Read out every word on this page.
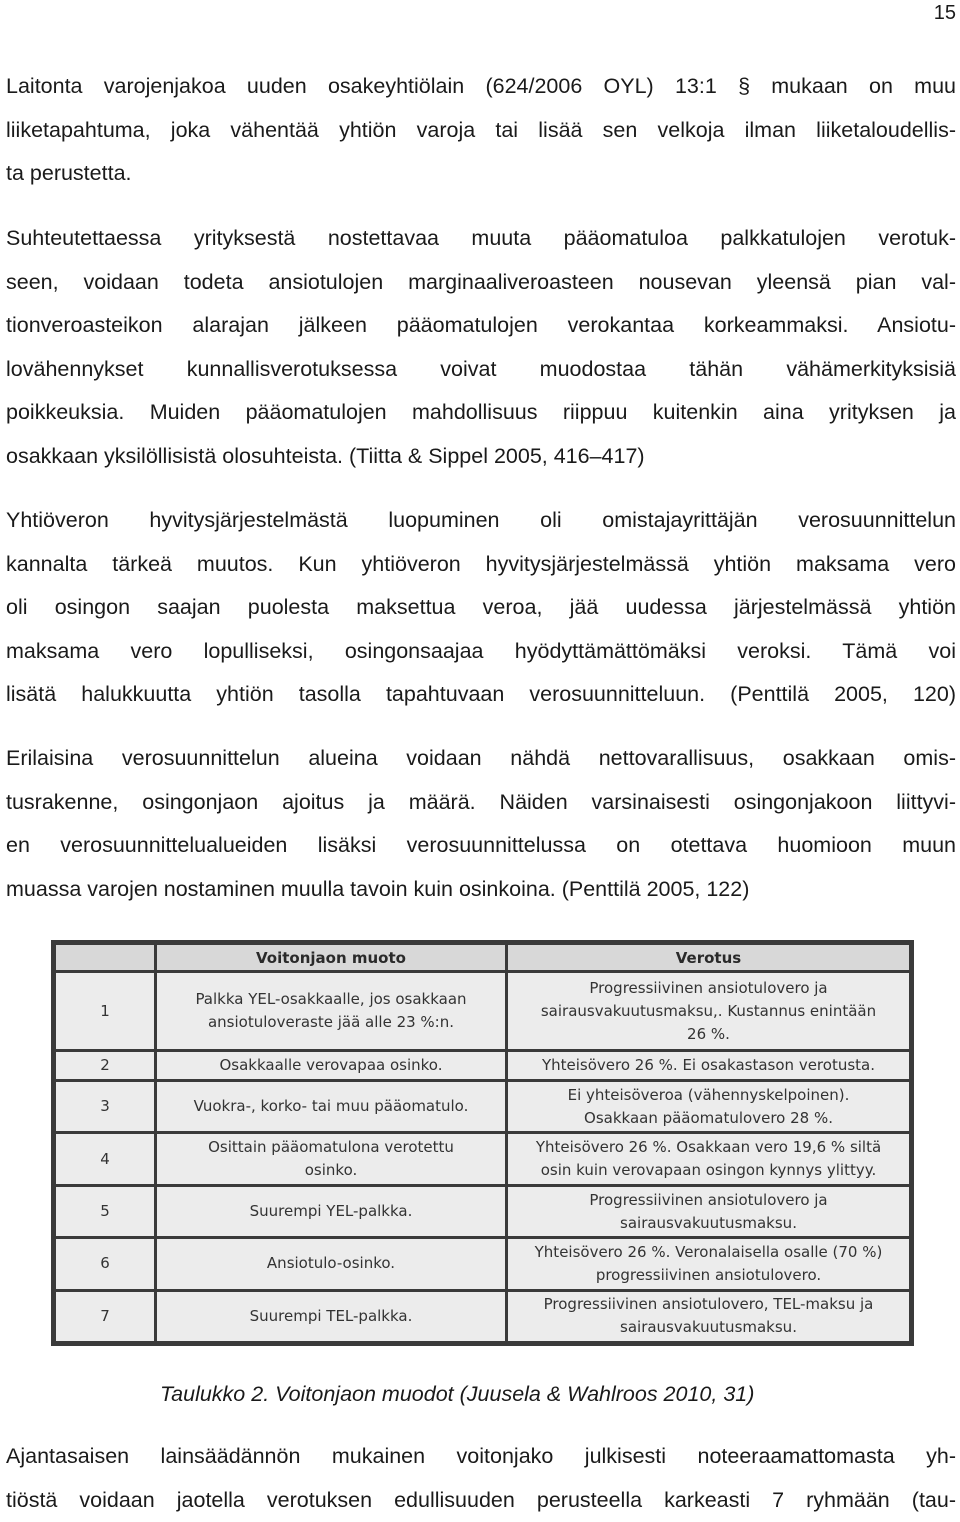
15

Laitonta varojenjakoa uuden osakeyhtiölain (624/2006 OYL) 13:1 § mukaan on muu
liiketapahtuma, joka vähentää yhtiön varoja tai lisää sen velkoja ilman liiketaloudellis-
ta perustetta.

Suhteutettaessa yrityksestä nostettavaa muuta pääomatuloa palkkatulojen verotuk-
seen, voidaan todeta ansiotulojen marginaaliveroasteen nousevan yleensä pian val-
tionveroasteikon alarajan jälkeen pääomatulojen verokantaa korkeammaksi. Ansiotu-
lovähennykset kunnallisverotuksessa voivat muodostaa tähän vähämerkityksisiä
poikkeuksia. Muiden pääomatulojen mahdollisuus riippuu kuitenkin aina yrityksen ja
osakkaan yksilöllisistä olosuhteista. (Tiitta & Sippel 2005, 416–417)

Yhtiöveron hyvitysjärjestelmästä luopuminen oli omistajayrittäjän verosuunnittelun
kannalta tärkeä muutos. Kun yhtiöveron hyvitysjärjestelmässä yhtiön maksama vero
oli osingon saajan puolesta maksettua veroa, jää uudessa järjestelmässä yhtiön
maksama vero lopulliseksi, osingonsaajaa hyödyttämättömäksi veroksi. Tämä voi
lisätä halukkuutta yhtiön tasolla tapahtuvaan verosuunnitteluun. (Penttilä 2005, 120)

Erilaisina verosuunnittelun alueina voidaan nähdä nettovarallisuus, osakkaan omis-
tusrakenne, osingonjaon ajoitus ja määrä. Näiden varsinaisesti osingonjakoon liittyvi-
en verosuunnittelualueiden lisäksi verosuunnittelussa on otettava huomioon muun
muassa varojen nostaminen muulla tavoin kuin osinkoina. (Penttilä 2005, 122)

	Voitonjaon muoto	Verotus
1	Palkka YEL-osakkaalle, jos osakkaan
ansiotuloveraste jää alle 23 %:n.	Progressiivinen ansiotulovero ja
sairausvakuutusmaksu,. Kustannus enintään
26 %.

2	Osakkaalle verovapaa osinko.	Yhteisövero 26 %. Ei osakastason verotusta.

3	Vuokra-, korko- tai muu pääomatulo.	Ei yhteisöveroa (vähennyskelpoinen).
Osakkaan pääomatulovero 28 %.

4	Osittain pääomatulona verotettu
osinko.	Yhteisövero 26 %. Osakkaan vero 19,6 % siltä
osin kuin verovapaan osingon kynnys ylittyy.

5	Suurempi YEL-palkka.	Progressiivinen ansiotulovero ja
sairausvakuutusmaksu.

6	Ansiotulo-osinko.	Yhteisövero 26 %. Veronalaisella osalle (70 %)
progressiivinen ansiotulovero.

7	Suurempi TEL-palkka.	Progressiivinen ansiotulovero, TEL-maksu ja
sairausvakuutusmaksu.
Taulukko 2. Voitonjaon muodot (Juusela & Wahlroos 2010, 31)

Ajantasaisen lainsäädännön mukainen voitonjako julkisesti noteeraamattomasta yh-
tiöstä voidaan jaotella verotuksen edullisuuden perusteella karkeasti 7 ryhmään (tau-
